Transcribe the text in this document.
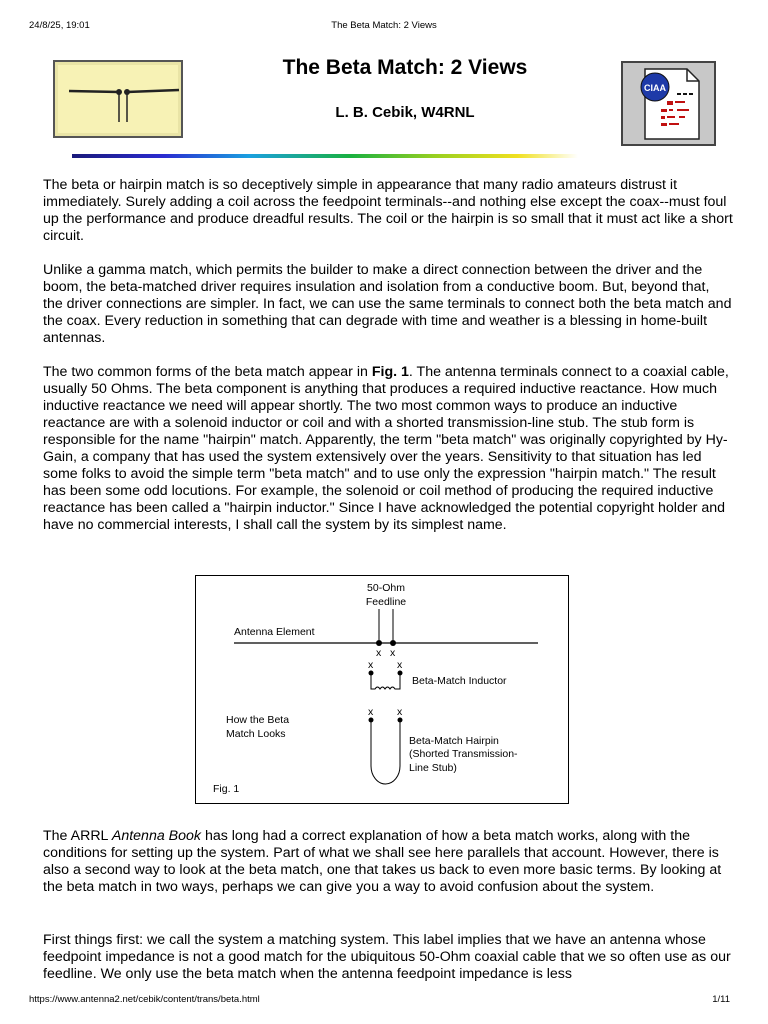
24/8/25, 19:01	The Beta Match: 2 Views
The Beta Match: 2 Views
L. B. Cebik, W4RNL
CIAA

The beta or hairpin match is so deceptively simple in appearance that many radio amateurs distrust it immediately. Surely adding a coil across the feedpoint terminals--and nothing else except the coax--must foul up the performance and produce dreadful results. The coil or the hairpin is so small that it must act like a short circuit.

Unlike a gamma match, which permits the builder to make a direct connection between the driver and the boom, the beta-matched driver requires insulation and isolation from a conductive boom. But, beyond that, the driver connections are simpler. In fact, we can use the same terminals to connect both the beta match and the coax. Every reduction in something that can degrade with time and weather is a blessing in home-built antennas.

The two common forms of the beta match appear in Fig. 1. The antenna terminals connect to a coaxial cable, usually 50 Ohms. The beta component is anything that produces a required inductive reactance. How much inductive reactance we need will appear shortly. The two most common ways to produce an inductive reactance are with a solenoid inductor or coil and with a shorted transmission-line stub. The stub form is responsible for the name "hairpin" match. Apparently, the term "beta match" was originally copyrighted by Hy-Gain, a company that has used the system extensively over the years. Sensitivity to that situation has led some folks to avoid the simple term "beta match" and to use only the expression "hairpin match." The result has been some odd locutions. For example, the solenoid or coil method of producing the required inductive reactance has been called a "hairpin inductor." Since I have acknowledged the potential copyright holder and have no commercial interests, I shall call the system by its simplest name.

50-Ohm
Feedline
Antenna Element
x x
x x
Beta-Match Inductor
How the Beta
Match Looks
x x
Beta-Match Hairpin
(Shorted Transmission-
Line Stub)
Fig. 1

The ARRL Antenna Book has long had a correct explanation of how a beta match works, along with the conditions for setting up the system. Part of what we shall see here parallels that account. However, there is also a second way to look at the beta match, one that takes us back to even more basic terms. By looking at the beta match in two ways, perhaps we can give you a way to avoid confusion about the system.

First things first: we call the system a matching system. This label implies that we have an antenna whose feedpoint impedance is not a good match for the ubiquitous 50-Ohm coaxial cable that we so often use as our feedline. We only use the beta match when the antenna feedpoint impedance is less

https://www.antenna2.net/cebik/content/trans/beta.html	1/11
